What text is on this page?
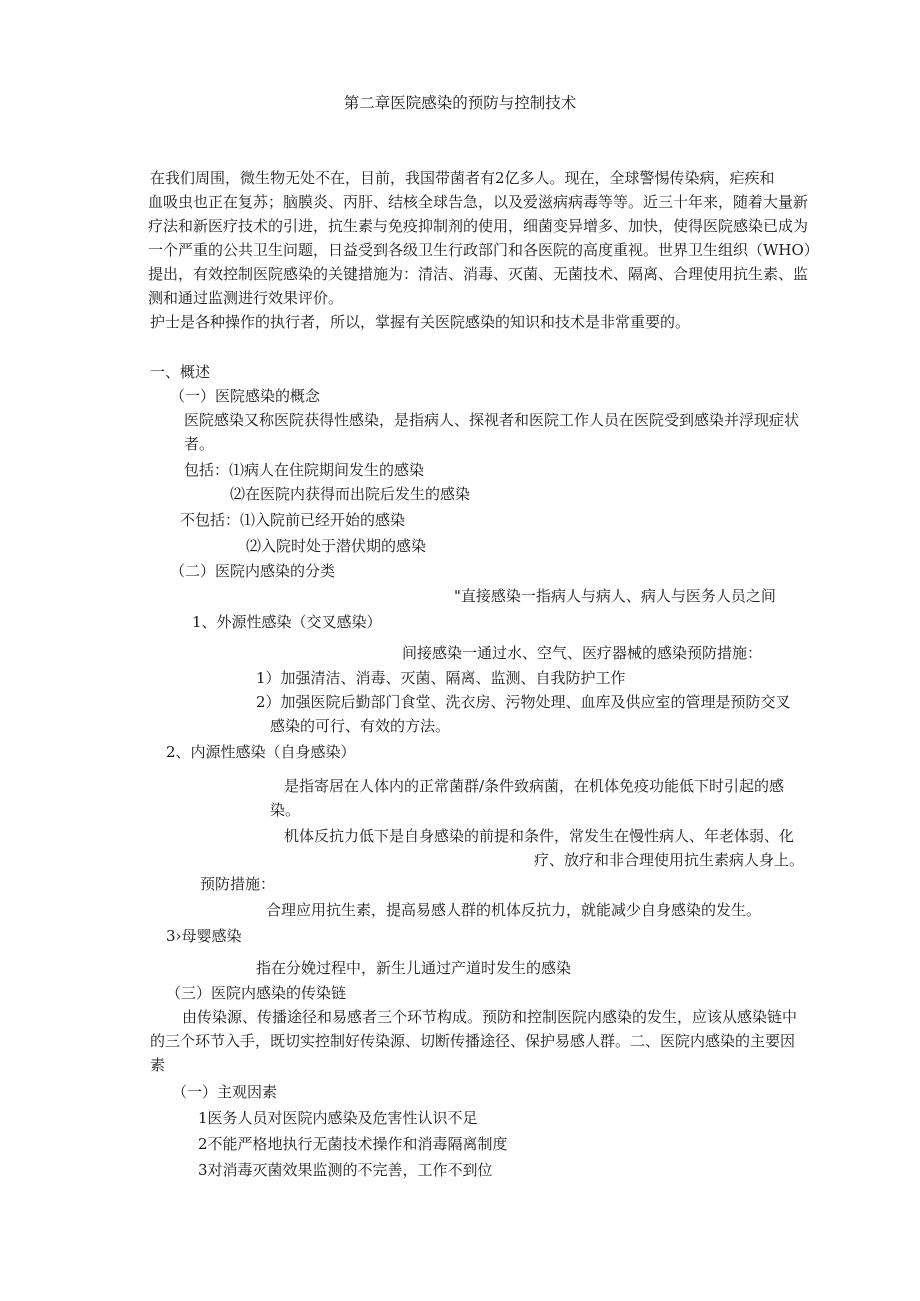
第二章医院感染的预防与控制技术
在我们周围，微生物无处不在，目前，我国带菌者有2亿多人。现在，全球警惕传染病，疟疾和
血吸虫也正在复苏；脑膜炎、丙肝、结核全球告急，以及爱滋病病毒等等。近三十年来，随着大量新
疗法和新医疗技术的引进，抗生素与免疫抑制剂的使用，细菌变异增多、加快，使得医院感染已成为
一个严重的公共卫生问题，日益受到各级卫生行政部门和各医院的高度重视。世界卫生组织（WHO）
提出，有效控制医院感染的关键措施为：清洁、消毒、灭菌、无菌技术、隔离、合理使用抗生素、监
测和通过监测进行效果评价。
护士是各种操作的执行者，所以，掌握有关医院感染的知识和技术是非常重要的。
一、概述
（一）医院感染的概念
医院感染又称医院获得性感染，是指病人、探视者和医院工作人员在医院受到感染并浮现症状
者。
包括：⑴病人在住院期间发生的感染
⑵在医院内获得而出院后发生的感染
不包括：⑴入院前已经开始的感染
⑵入院时处于潜伏期的感染
（二）医院内感染的分类
"直接感染一指病人与病人、病人与医务人员之间
1、外源性感染（交叉感染）
间接感染一通过水、空气、医疗器械的感染预防措施：
1）加强清洁、消毒、灭菌、隔离、监测、自我防护工作
2）加强医院后勤部门食堂、洗衣房、污物处理、血库及供应室的管理是预防交叉
感染的可行、有效的方法。
2、内源性感染（自身感染）
是指寄居在人体内的正常菌群/条件致病菌，在机体免疫功能低下时引起的感
染。
机体反抗力低下是自身感染的前提和条件，常发生在慢性病人、年老体弱、化
疗、放疗和非合理使用抗生素病人身上。
预防措施：
合理应用抗生素，提高易感人群的机体反抗力，就能减少自身感染的发生。
3›母婴感染
指在分娩过程中，新生儿通过产道时发生的感染
（三）医院内感染的传染链
由传染源、传播途径和易感者三个环节构成。预防和控制医院内感染的发生，应该从感染链中
的三个环节入手，既切实控制好传染源、切断传播途径、保护易感人群。二、医院内感染的主要因
素
（一）主观因素
1医务人员对医院内感染及危害性认识不足
2不能严格地执行无菌技术操作和消毒隔离制度
3对消毒灭菌效果监测的不完善，工作不到位
